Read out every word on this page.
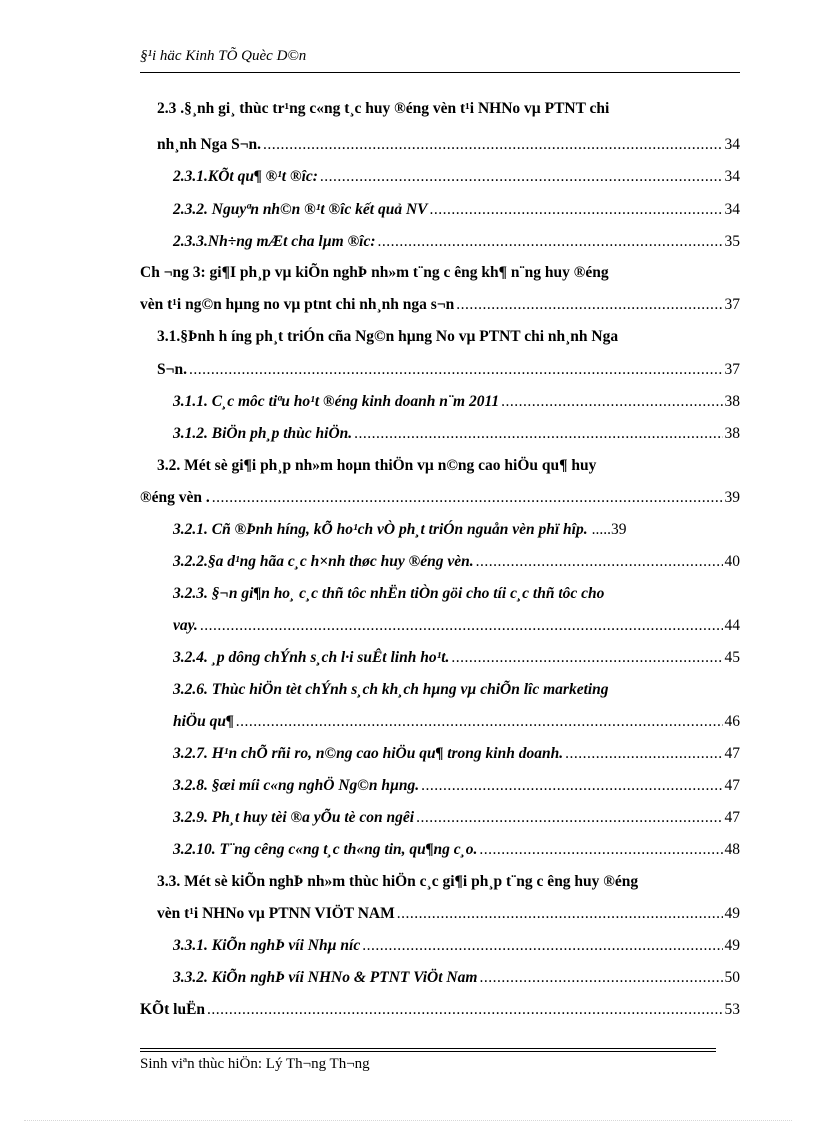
§¹i häc Kinh TÕ Quèc D©n
2.3 .§¸nh gi¸ thùc tr¹ng c«ng t¸c huy ®éng vèn t¹i NHNo vµ PTNT chi
nh¸nh Nga S¬n. .....	34
2.3.1.KÕt qu¶ ®¹t ®îc: .....	34
2.3.2. Nguyªn nh©n ®¹t ®îc kết quả NV .....	34
2.3.3.Nh÷ng mÆt cha lµm ®îc: .....	35
Ch ¬ng 3: gi¶I ph¸p vµ kiÕn nghÞ nh»m t¨ng c êng kh¶ n¨ng huy ®éng
vèn t¹i ng©n hµng no vµ ptnt chi nh¸nh nga s¬n .....	37
3.1.§Þnh h íng ph¸t triÓn cña Ng©n hµng No vµ PTNT chi nh¸nh Nga
S¬n. .....	37
3.1.1. C¸c môc tiªu ho¹t ®éng kinh doanh n¨m 2011 .....	38
3.1.2. BiÖn ph¸p thùc hiÖn. .....	38
3.2. Mét sè gi¶i ph¸p nh»m hoµn thiÖn vµ n©ng cao hiÖu qu¶ huy
®éng vèn . .....	39
3.2.1. Cñ ®Þnh híng, kÕ ho¹ch vÒ ph¸t triÓn nguån vèn phï hîp. .....39
3.2.2.§a d¹ng hãa c¸c h×nh thøc huy ®éng vèn. .....	40
3.2.3. §¬n gi¶n ho¸ c¸c thñ tôc nhËn tiÒn göi cho tíi c¸c thñ tôc cho
vay. .....	44
3.2.4. ¸p dông chÝnh s¸ch l·i suÊt linh ho¹t. .....	45
3.2.6. Thùc hiÖn tèt chÝnh s¸ch kh¸ch hµng vµ chiÕn lîc marketing
hiÖu qu¶ .....	46
3.2.7. H¹n chÕ rñi ro, n©ng cao hiÖu qu¶ trong kinh doanh. .....	47
3.2.8. §æi míi c«ng nghÖ Ng©n hµng. .....	47
3.2.9. Ph¸t huy tèi ®a yÕu tè con ngêi .....	47
3.2.10. T¨ng cêng c«ng t¸c th«ng tin, qu¶ng c¸o. .....	48
3.3. Mét sè kiÕn nghÞ nh»m thùc hiÖn c¸c gi¶i ph¸p t¨ng c êng huy ®éng
vèn t¹i NHNo vµ PTNN VIÖT NAM .....	49
3.3.1. KiÕn nghÞ víi Nhµ níc .....	49
3.3.2. KiÕn nghÞ víi NHNo & PTNT ViÖt Nam .....	50
KÕt luËn .....	53
Sinh viªn thùc hiÖn: Lý Th¬ng Th¬ng
